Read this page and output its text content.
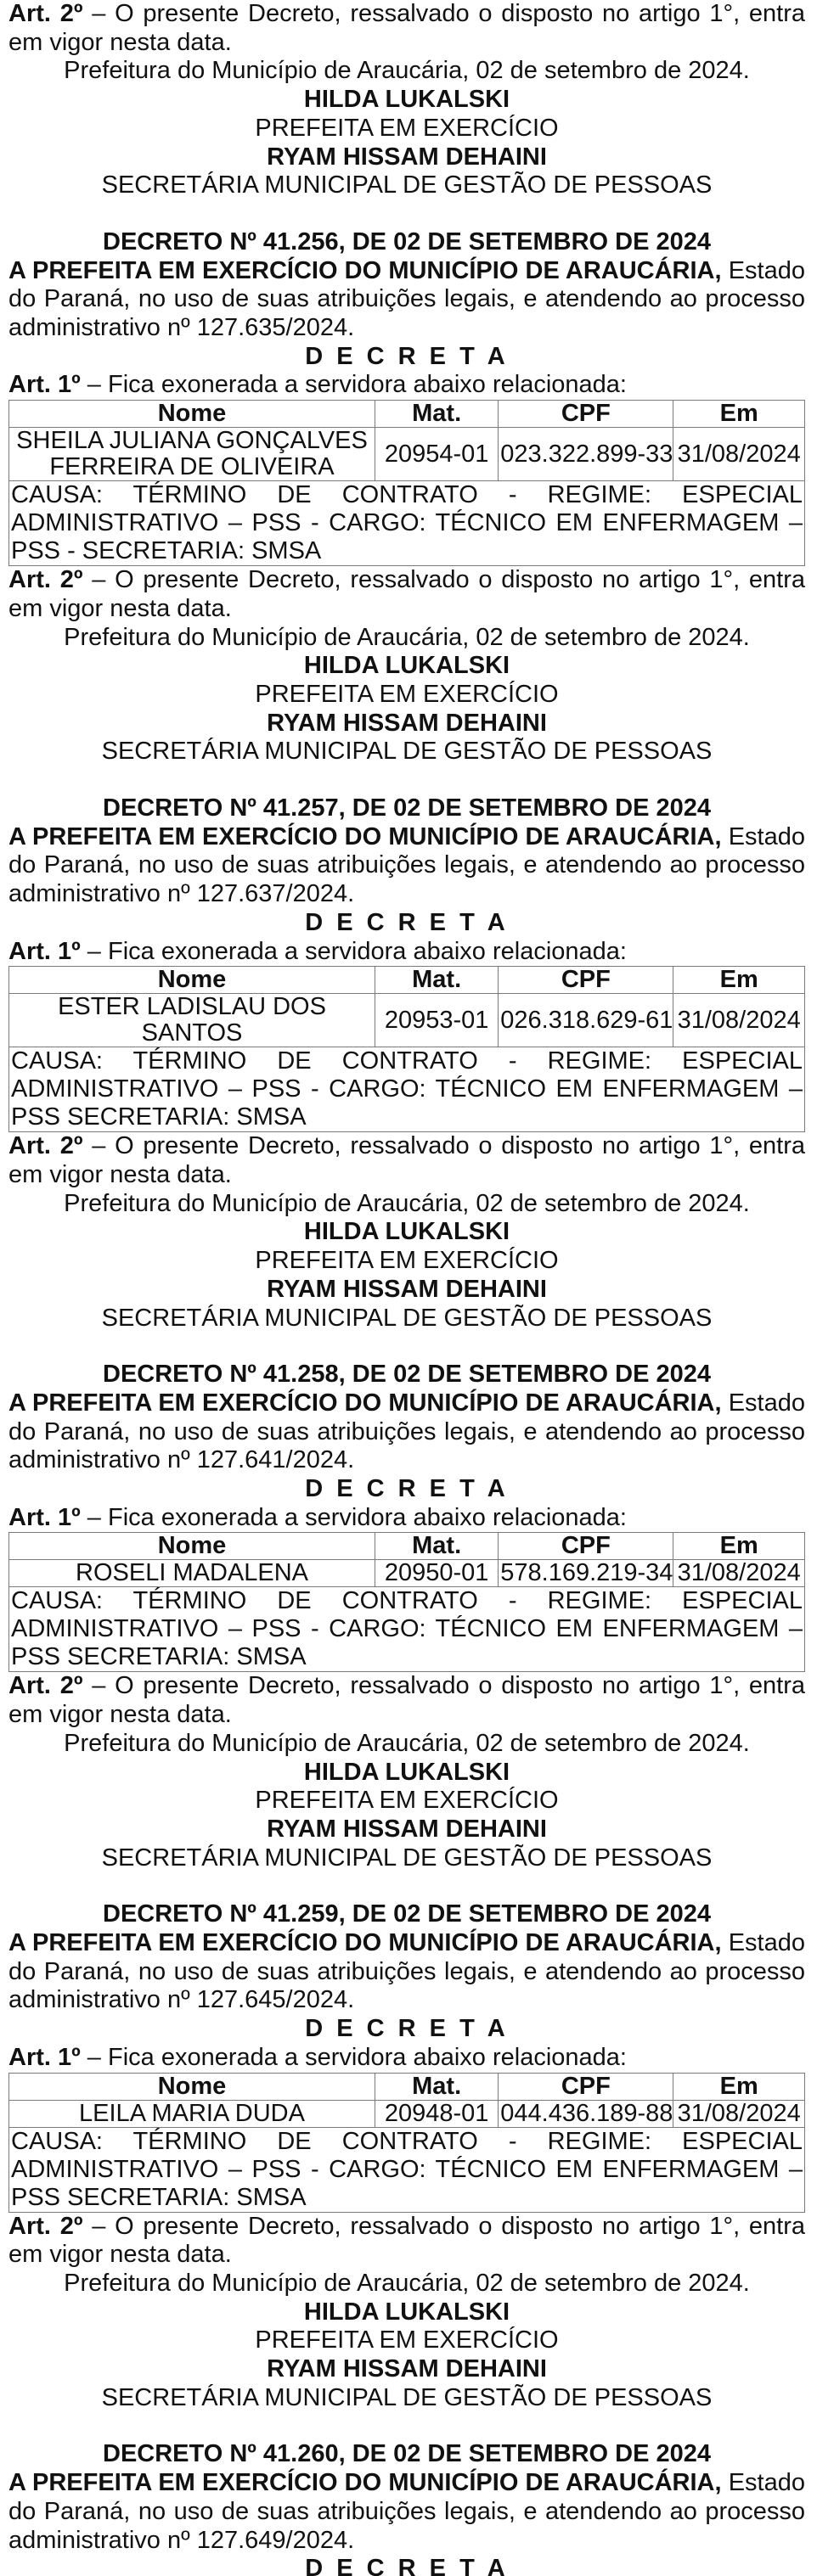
Art. 2º – O presente Decreto, ressalvado o disposto no artigo 1°, entra em vigor nesta data.

Prefeitura do Município de Araucária, 02 de setembro de 2024.

HILDA LUKALSKI

PREFEITA EM EXERCÍCIO

RYAM HISSAM DEHAINI

SECRETÁRIA MUNICIPAL DE GESTÃO DE PESSOAS

DECRETO Nº 41.256, DE 02 DE SETEMBRO DE 2024

A PREFEITA EM EXERCÍCIO DO MUNICÍPIO DE ARAUCÁRIA, Estado do Paraná, no uso de suas atribuições legais, e atendendo ao processo administrativo nº 127.635/2024.

D E C R E T A

Art. 1º – Fica exonerada a servidora abaixo relacionada:

Nome	Mat.	CPF	Em
SHEILA JULIANA GONÇALVES FERREIRA DE OLIVEIRA	20954-01	023.322.899-33	31/08/2024
CAUSA: TÉRMINO DE CONTRATO - REGIME: ESPECIAL ADMINISTRATIVO – PSS - CARGO: TÉCNICO EM ENFERMAGEM – PSS - SECRETARIA: SMSA			

Art. 2º – O presente Decreto, ressalvado o disposto no artigo 1°, entra em vigor nesta data.

Prefeitura do Município de Araucária, 02 de setembro de 2024.

HILDA LUKALSKI

PREFEITA EM EXERCÍCIO

RYAM HISSAM DEHAINI

SECRETÁRIA MUNICIPAL DE GESTÃO DE PESSOAS

DECRETO Nº 41.257, DE 02 DE SETEMBRO DE 2024

A PREFEITA EM EXERCÍCIO DO MUNICÍPIO DE ARAUCÁRIA, Estado do Paraná, no uso de suas atribuições legais, e atendendo ao processo administrativo nº 127.637/2024.

D E C R E T A

Art. 1º – Fica exonerada a servidora abaixo relacionada:

Nome	Mat.	CPF	Em
ESTER LADISLAU DOS SANTOS	20953-01	026.318.629-61	31/08/2024
CAUSA: TÉRMINO DE CONTRATO - REGIME: ESPECIAL ADMINISTRATIVO – PSS - CARGO: TÉCNICO EM ENFERMAGEM – PSS SECRETARIA: SMSA			

Art. 2º – O presente Decreto, ressalvado o disposto no artigo 1°, entra em vigor nesta data.

Prefeitura do Município de Araucária, 02 de setembro de 2024.

HILDA LUKALSKI

PREFEITA EM EXERCÍCIO

RYAM HISSAM DEHAINI

SECRETÁRIA MUNICIPAL DE GESTÃO DE PESSOAS

DECRETO Nº 41.258, DE 02 DE SETEMBRO DE 2024

A PREFEITA EM EXERCÍCIO DO MUNICÍPIO DE ARAUCÁRIA, Estado do Paraná, no uso de suas atribuições legais, e atendendo ao processo administrativo nº 127.641/2024.

D E C R E T A

Art. 1º – Fica exonerada a servidora abaixo relacionada:

Nome	Mat.	CPF	Em
ROSELI MADALENA	20950-01	578.169.219-34	31/08/2024
CAUSA: TÉRMINO DE CONTRATO - REGIME: ESPECIAL ADMINISTRATIVO – PSS - CARGO: TÉCNICO EM ENFERMAGEM – PSS SECRETARIA: SMSA			

Art. 2º – O presente Decreto, ressalvado o disposto no artigo 1°, entra em vigor nesta data.

Prefeitura do Município de Araucária, 02 de setembro de 2024.

HILDA LUKALSKI

PREFEITA EM EXERCÍCIO

RYAM HISSAM DEHAINI

SECRETÁRIA MUNICIPAL DE GESTÃO DE PESSOAS

DECRETO Nº 41.259, DE 02 DE SETEMBRO DE 2024

A PREFEITA EM EXERCÍCIO DO MUNICÍPIO DE ARAUCÁRIA, Estado do Paraná, no uso de suas atribuições legais, e atendendo ao processo administrativo nº 127.645/2024.

D E C R E T A

Art. 1º – Fica exonerada a servidora abaixo relacionada:

Nome	Mat.	CPF	Em
LEILA MARIA DUDA	20948-01	044.436.189-88	31/08/2024
CAUSA: TÉRMINO DE CONTRATO - REGIME: ESPECIAL ADMINISTRATIVO – PSS - CARGO: TÉCNICO EM ENFERMAGEM – PSS SECRETARIA: SMSA			

Art. 2º – O presente Decreto, ressalvado o disposto no artigo 1°, entra em vigor nesta data.

Prefeitura do Município de Araucária, 02 de setembro de 2024.

HILDA LUKALSKI

PREFEITA EM EXERCÍCIO

RYAM HISSAM DEHAINI

SECRETÁRIA MUNICIPAL DE GESTÃO DE PESSOAS

DECRETO Nº 41.260, DE 02 DE SETEMBRO DE 2024

A PREFEITA EM EXERCÍCIO DO MUNICÍPIO DE ARAUCÁRIA, Estado do Paraná, no uso de suas atribuições legais, e atendendo ao processo administrativo nº 127.649/2024.

D E C R E T A
